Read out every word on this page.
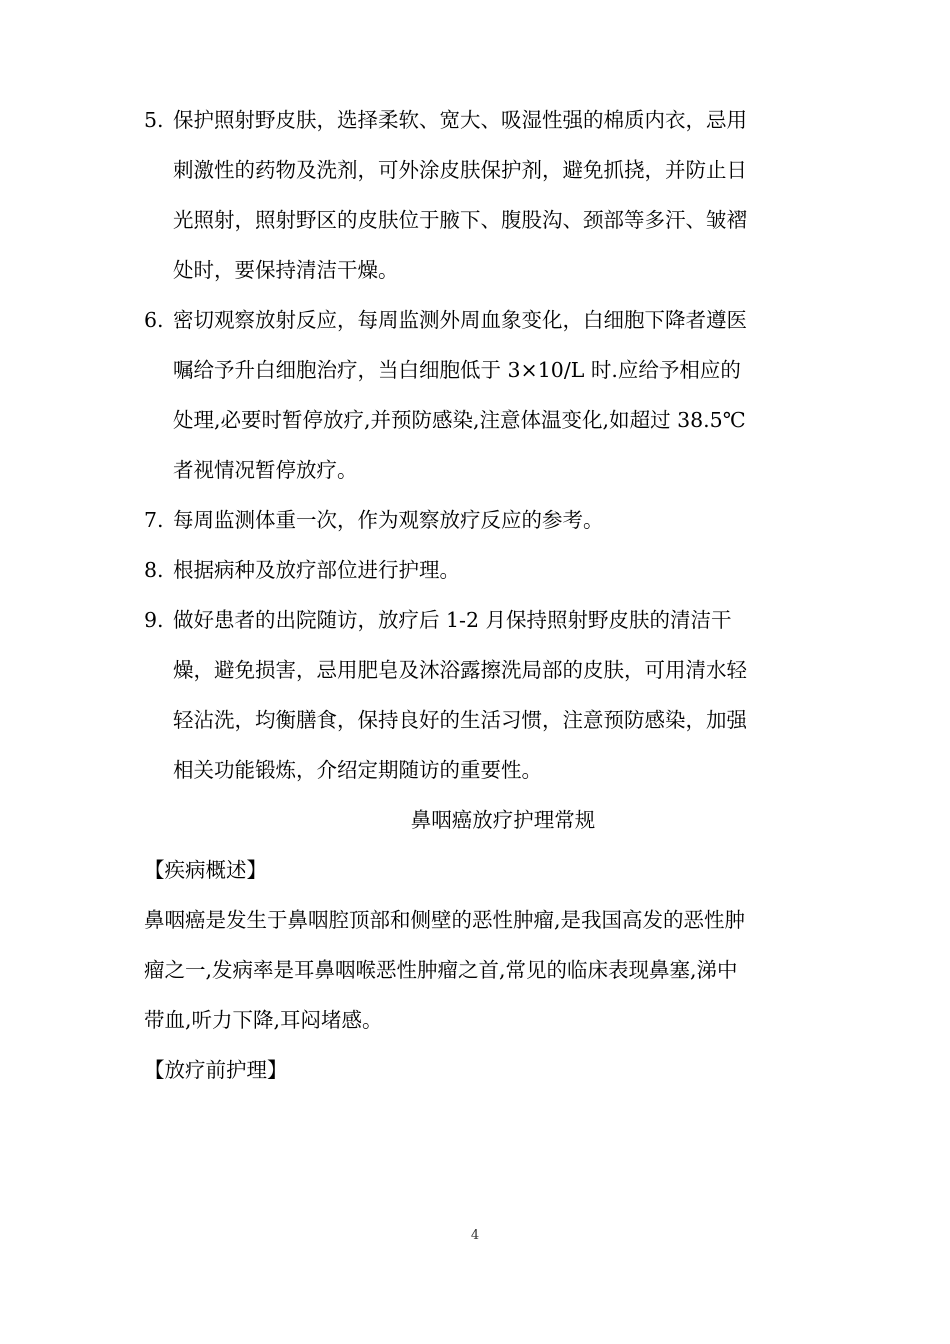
5. 保护照射野皮肤，选择柔软、宽大、吸湿性强的棉质内衣，忌用
刺激性的药物及洗剂，可外涂皮肤保护剂，避免抓挠，并防止日
光照射，照射野区的皮肤位于腋下、腹股沟、颈部等多汗、皱褶
处时，要保持清洁干燥。
6. 密切观察放射反应，每周监测外周血象变化，白细胞下降者遵医
嘱给予升白细胞治疗，当白细胞低于 3×10/L 时.应给予相应的
处理,必要时暂停放疗,并预防感染,注意体温变化,如超过 38.5℃
者视情况暂停放疗。
7. 每周监测体重一次，作为观察放疗反应的参考。
8. 根据病种及放疗部位进行护理。
9. 做好患者的出院随访，放疗后 1-2 月保持照射野皮肤的清洁干
燥，避免损害，忌用肥皂及沐浴露擦洗局部的皮肤，可用清水轻
轻沾洗，均衡膳食，保持良好的生活习惯，注意预防感染，加强
相关功能锻炼，介绍定期随访的重要性。
鼻咽癌放疗护理常规
【疾病概述】
鼻咽癌是发生于鼻咽腔顶部和侧壁的恶性肿瘤,是我国高发的恶性肿
瘤之一,发病率是耳鼻咽喉恶性肿瘤之首,常见的临床表现鼻塞,涕中
带血,听力下降,耳闷堵感。
【放疗前护理】
4
